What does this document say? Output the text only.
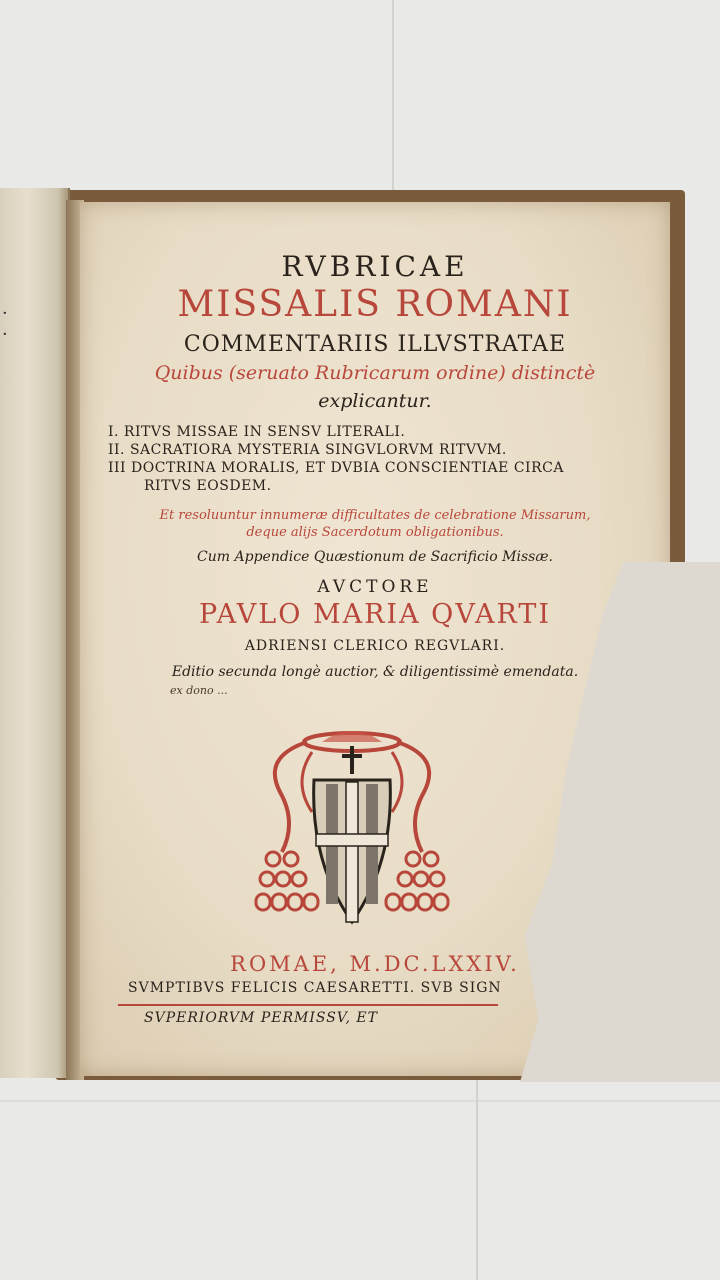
·
·
RVBRICAE
MISSALIS ROMANI
COMMENTARIIS ILLVSTRATAE
Quibus (seruato Rubricarum ordine) distinctè
explicantur.
I. RITVS MISSAE IN SENSV LITERALI.
II. SACRATIORA MYSTERIA SINGVLORVM RITVVM.
III DOCTRINA MORALIS, ET DVBIA CONSCIENTIAE CIRCA
RITVS EOSDEM.
Et resoluuntur innumeræ difficultates de celebratione Missarum,
deque alijs Sacerdotum obligationibus.
Cum Appendice Quæstionum de Sacrificio Missæ.
AVCTORE
PAVLO MARIA QVARTI
ADRIENSI CLERICO REGVLARI.
Editio secunda longè auctior, & diligentissimè emendata.
ex dono ...
ROMAE, M.DC.LXXIV.
SVMPTIBVS FELICIS CAESARETTI. SVB SIGN
SVPERIORVM PERMISSV, ET
